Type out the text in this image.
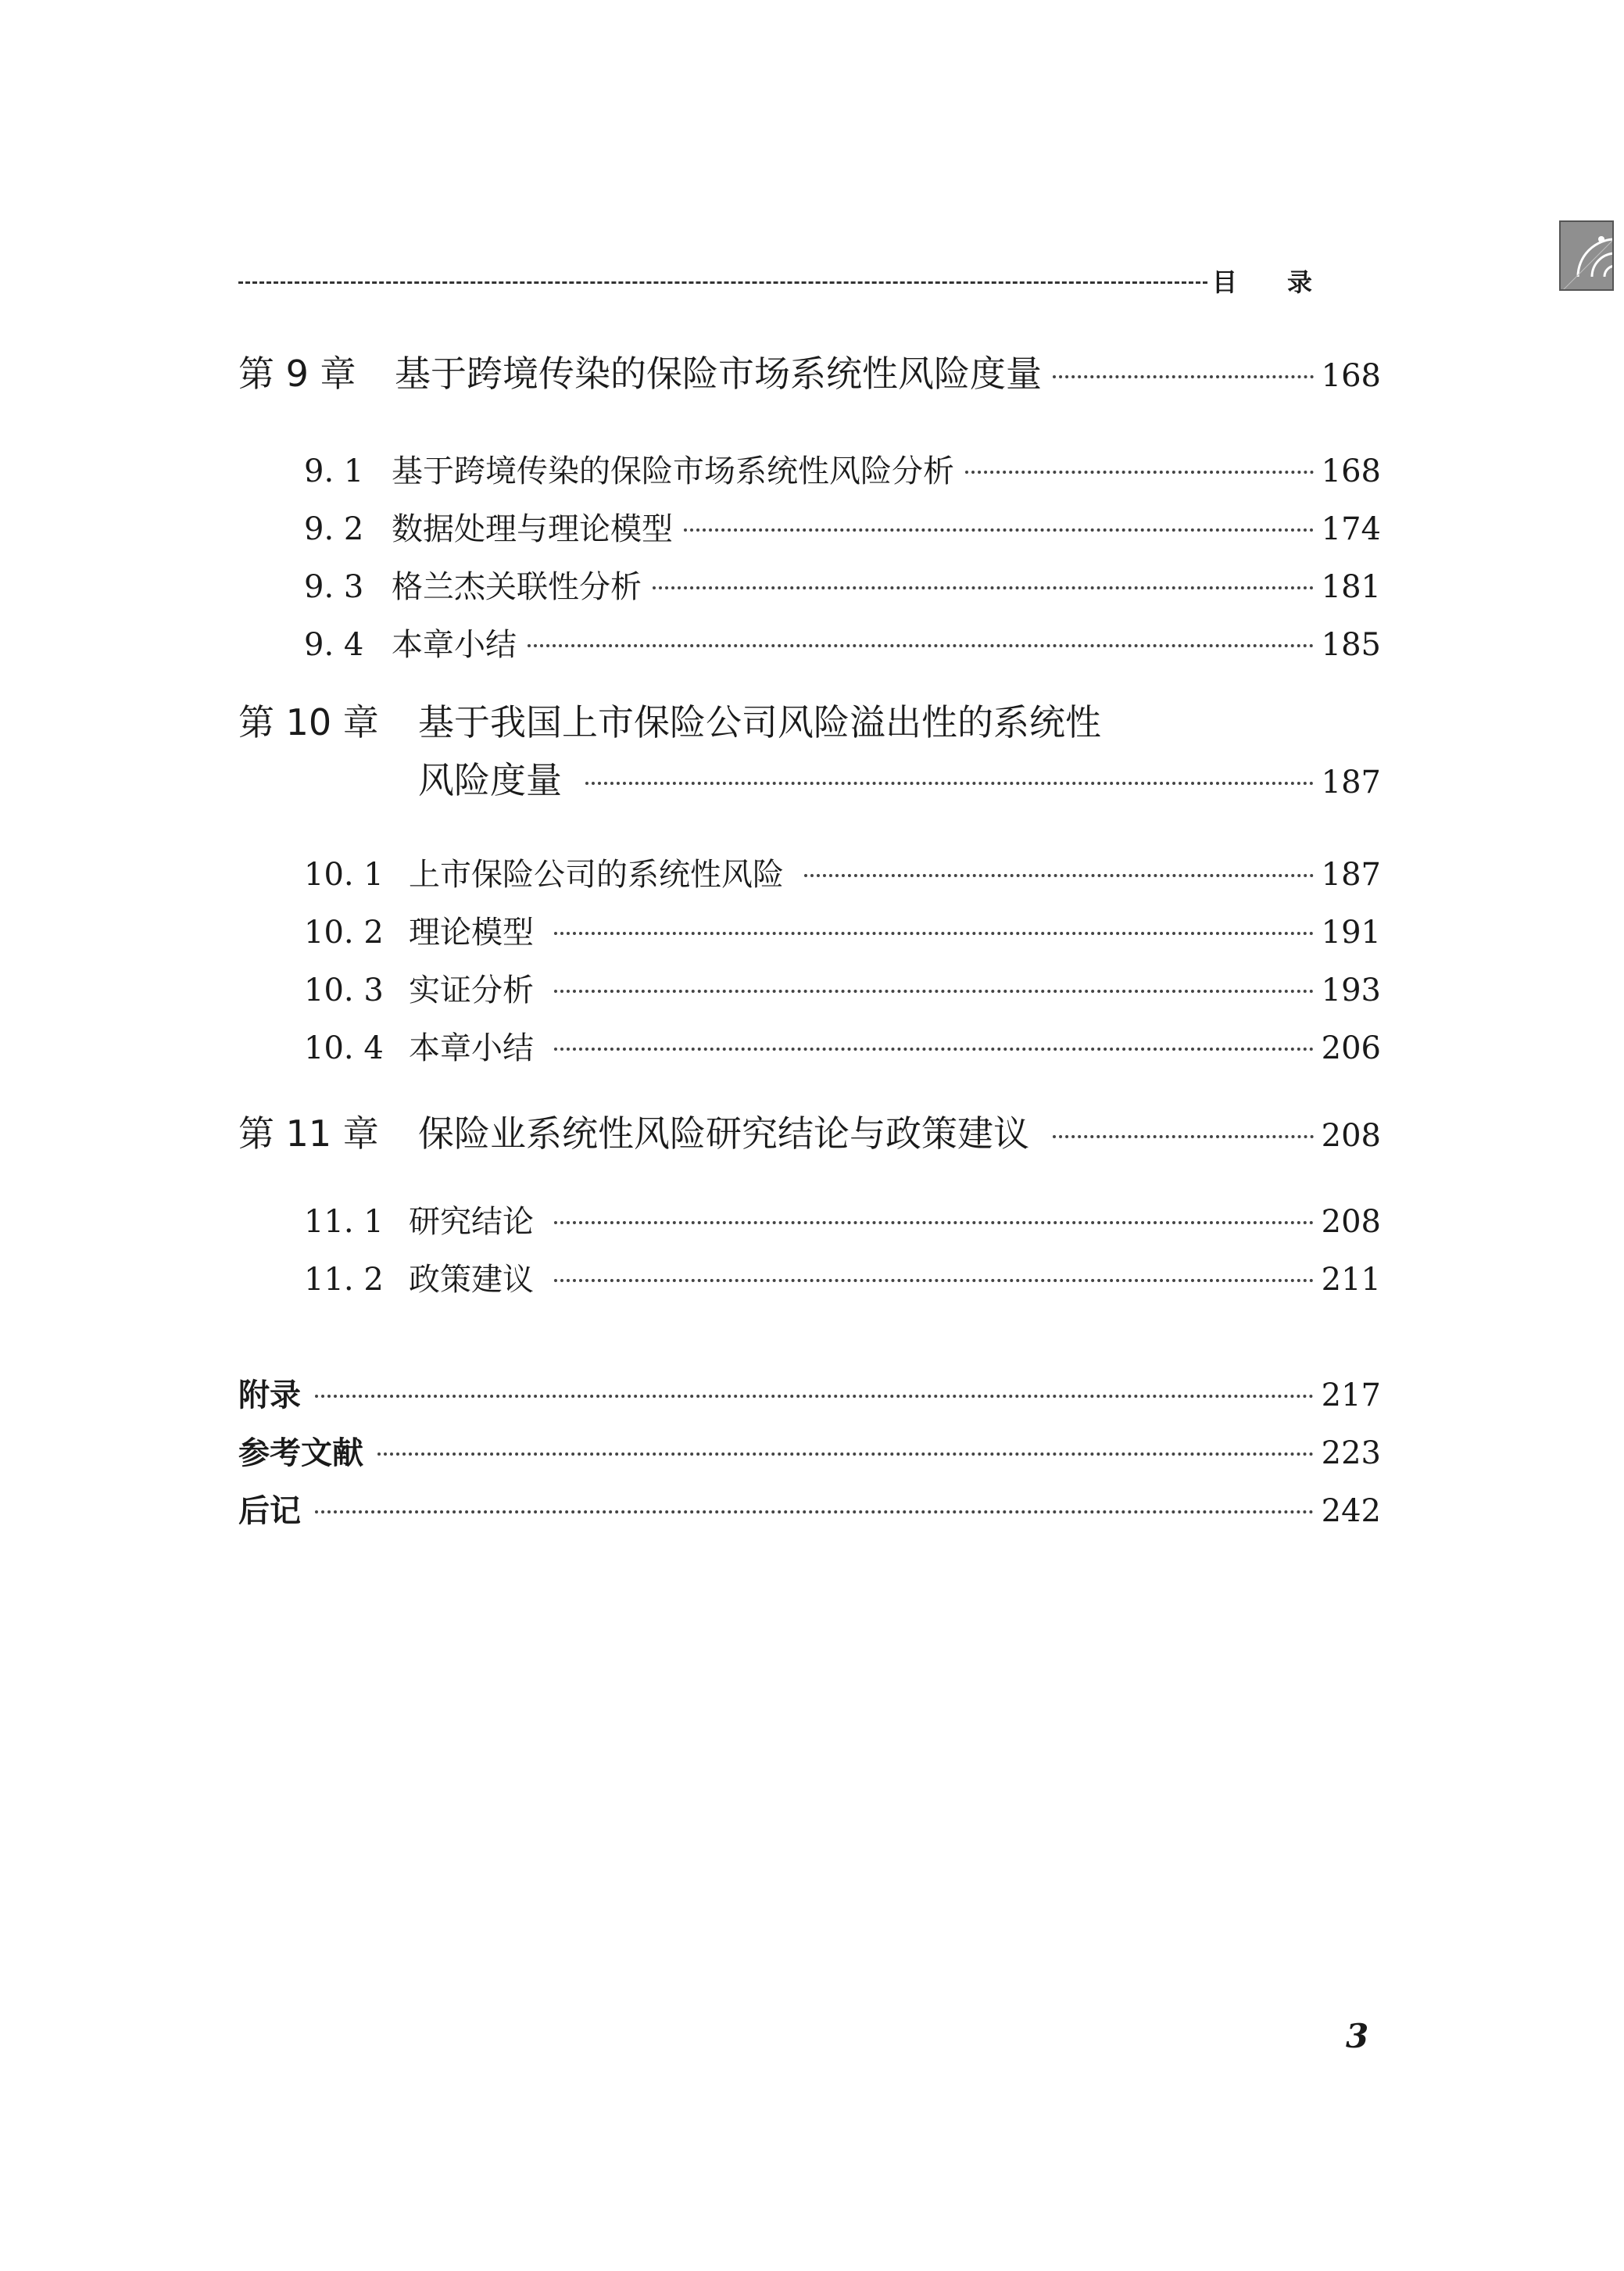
目 录
第 9 章	基于跨境传染的保险市场系统性风险度量	168
9. 1 基于跨境传染的保险市场系统性风险分析	168
9. 2 数据处理与理论模型	174
9. 3 格兰杰关联性分析	181
9. 4 本章小结	185
第 10 章 基于我国上市保险公司风险溢出性的系统性
风险度量	187
10. 1 上市保险公司的系统性风险	187
10. 2 理论模型	191
10. 3 实证分析	193
10. 4 本章小结	206
第 11 章	保险业系统性风险研究结论与政策建议	208
11. 1 研究结论	208
11. 2 政策建议	211
附录	217
参考文献	223
后记	242
3
